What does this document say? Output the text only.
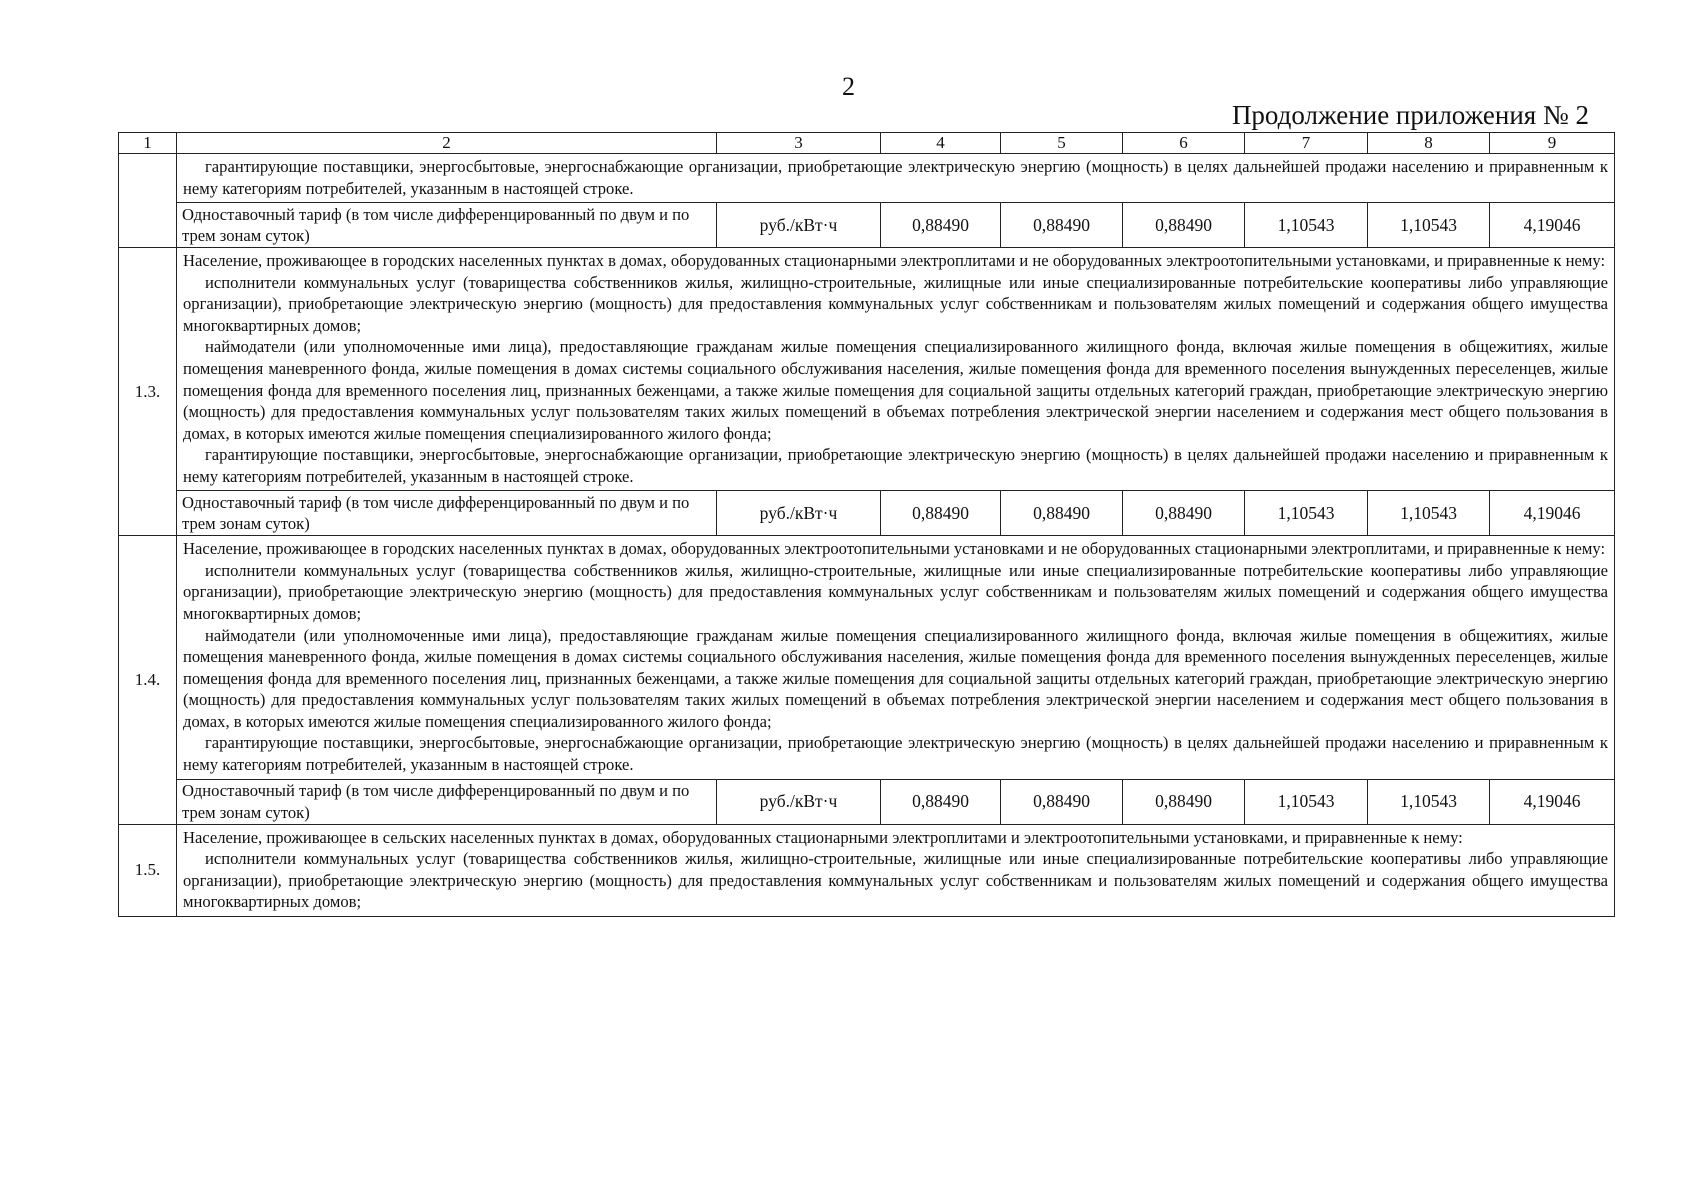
2
Продолжение приложения № 2
1	2	3	4	5	6	7	8	9

	гарантирующие поставщики, энергосбытовые, энергоснабжающие организации, приобретающие электрическую энергию (мощность) в целях дальнейшей продажи населению и приравненным к нему категориям потребителей, указанным в настоящей строке.							

	Одноставочный тариф (в том числе дифференцированный по двум и по трем зонам суток)	руб./кВт·ч	0,88490	0,88490	0,88490	1,10543	1,10543	4,19046
1.3.	Население, проживающее в городских населенных пунктах в домах, оборудованных стационарными электроплитами и не оборудованных электроотопительными установками, и приравненные к нему:

исполнители коммунальных услуг (товарищества собственников жилья, жилищно-строительные, жилищные или иные специализированные потребительские кооперативы либо управляющие организации), приобретающие электрическую энергию (мощность) для предоставления коммунальных услуг собственникам и пользователям жилых помещений и содержания общего имущества многоквартирных домов;

наймодатели (или уполномоченные ими лица), предоставляющие гражданам жилые помещения специализированного жилищного фонда, включая жилые помещения в общежитиях, жилые помещения маневренного фонда, жилые помещения в домах системы социального обслуживания населения, жилые помещения фонда для временного поселения вынужденных переселенцев, жилые помещения фонда для временного поселения лиц, признанных беженцами, а также жилые помещения для социальной защиты отдельных категорий граждан, приобретающие электрическую энергию (мощность) для предоставления коммунальных услуг пользователям таких жилых помещений в объемах потребления электрической энергии населением и содержания мест общего пользования в домах, в которых имеются жилые помещения специализированного жилого фонда;

гарантирующие поставщики, энергосбытовые, энергоснабжающие организации, приобретающие электрическую энергию (мощность) в целях дальнейшей продажи населению и приравненным к нему категориям потребителей, указанным в настоящей строке.							

	Одноставочный тариф (в том числе дифференцированный по двум и по трем зонам суток)	руб./кВт·ч	0,88490	0,88490	0,88490	1,10543	1,10543	4,19046
1.4.	Население, проживающее в городских населенных пунктах в домах, оборудованных электроотопительными установками и не оборудованных стационарными электроплитами, и приравненные к нему:

исполнители коммунальных услуг (товарищества собственников жилья, жилищно-строительные, жилищные или иные специализированные потребительские кооперативы либо управляющие организации), приобретающие электрическую энергию (мощность) для предоставления коммунальных услуг собственникам и пользователям жилых помещений и содержания общего имущества многоквартирных домов;

наймодатели (или уполномоченные ими лица), предоставляющие гражданам жилые помещения специализированного жилищного фонда, включая жилые помещения в общежитиях, жилые помещения маневренного фонда, жилые помещения в домах системы социального обслуживания населения, жилые помещения фонда для временного поселения вынужденных переселенцев, жилые помещения фонда для временного поселения лиц, признанных беженцами, а также жилые помещения для социальной защиты отдельных категорий граждан, приобретающие электрическую энергию (мощность) для предоставления коммунальных услуг пользователям таких жилых помещений в объемах потребления электрической энергии населением и содержания мест общего пользования в домах, в которых имеются жилые помещения специализированного жилого фонда;

гарантирующие поставщики, энергосбытовые, энергоснабжающие организации, приобретающие электрическую энергию (мощность) в целях дальнейшей продажи населению и приравненным к нему категориям потребителей, указанным в настоящей строке.							

	Одноставочный тариф (в том числе дифференцированный по двум и по трем зонам суток)	руб./кВт·ч	0,88490	0,88490	0,88490	1,10543	1,10543	4,19046
1.5.	Население, проживающее в сельских населенных пунктах в домах, оборудованных стационарными электроплитами и электроотопительными установками, и приравненные к нему:

исполнители коммунальных услуг (товарищества собственников жилья, жилищно-строительные, жилищные или иные специализированные потребительские кооперативы либо управляющие организации), приобретающие электрическую энергию (мощность) для предоставления коммунальных услуг собственникам и пользователям жилых помещений и содержания общего имущества многоквартирных домов;							
